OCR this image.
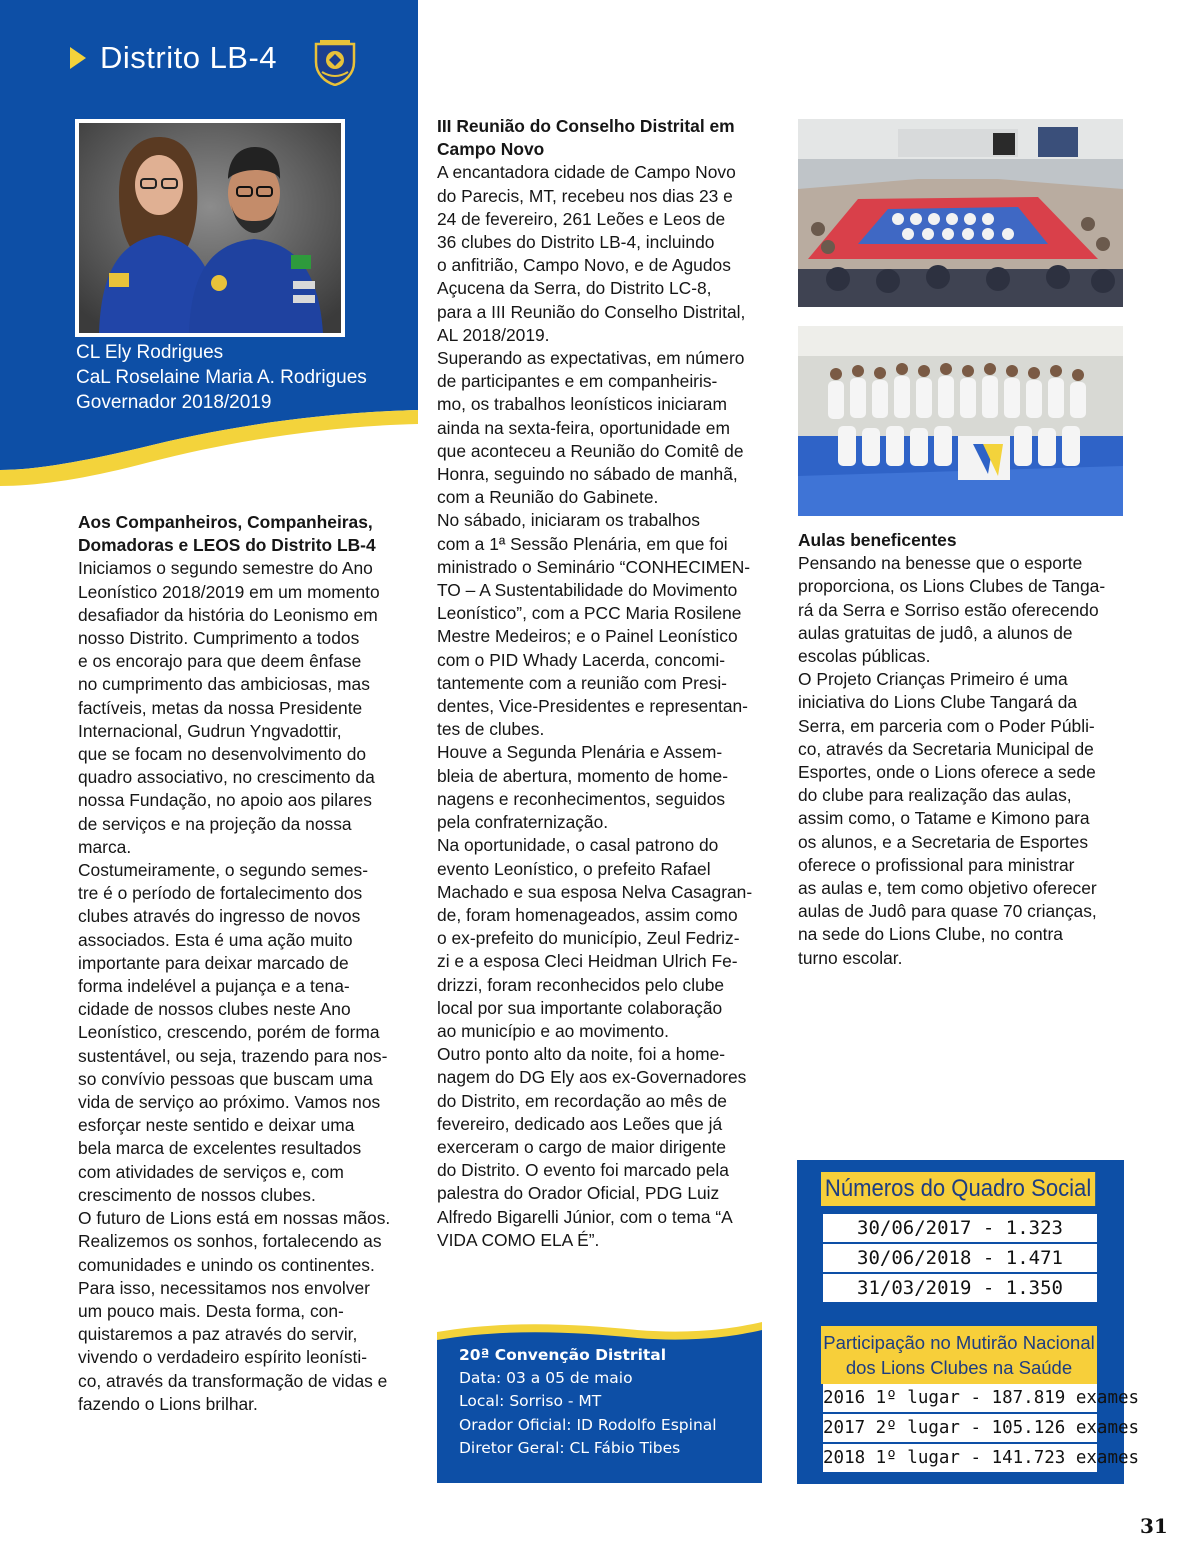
Distrito LB-4
CL Ely Rodrigues
CaL Roselaine Maria A. Rodrigues
Governador 2018/2019

Aos Companheiros, Companheiras,

Domadoras e LEOS do Distrito LB-4

Iniciamos o segundo semestre do Ano

Leonístico 2018/2019 em um momento

desafiador da história do Leonismo em

nosso Distrito. Cumprimento a todos

e os encorajo para que deem ênfase

no cumprimento das ambiciosas, mas

factíveis, metas da nossa Presidente

Internacional, Gudrun Yngvadottir,

que se focam no desenvolvimento do

quadro associativo, no crescimento da

nossa Fundação, no apoio aos pilares

de serviços e na projeção da nossa

marca.

Costumeiramente, o segundo semes-

tre é o período de fortalecimento dos

clubes através do ingresso de novos

associados. Esta é uma ação muito

importante para deixar marcado de

forma indelével a pujança e a tena-

cidade de nossos clubes neste Ano

Leonístico, crescendo, porém de forma

sustentável, ou seja, trazendo para nos-

so convívio pessoas que buscam uma

vida de serviço ao próximo. Vamos nos

esforçar neste sentido e deixar uma

bela marca de excelentes resultados

com atividades de serviços e, com

crescimento de nossos clubes.

O futuro de Lions está em nossas mãos.

Realizemos os sonhos, fortalecendo as

comunidades e unindo os continentes.

Para isso, necessitamos nos envolver

um pouco mais. Desta forma, con-

quistaremos a paz através do servir,

vivendo o verdadeiro espírito leonísti-

co, através da transformação de vidas e

fazendo o Lions brilhar.

III Reunião do Conselho Distrital em

Campo Novo

A encantadora cidade de Campo Novo

do Parecis, MT, recebeu nos dias 23 e

24 de fevereiro, 261 Leões e Leos de

36 clubes do Distrito LB-4, incluindo

o anfitrião, Campo Novo, e de Agudos

Açucena da Serra, do Distrito LC-8,

para a III Reunião do Conselho Distrital,

AL 2018/2019.

Superando as expectativas, em número

de participantes e em companheiris-

mo, os trabalhos leonísticos iniciaram

ainda na sexta-feira, oportunidade em

que aconteceu a Reunião do Comitê de

Honra, seguindo no sábado de manhã,

com a Reunião do Gabinete.

No sábado, iniciaram os trabalhos

com a 1ª Sessão Plenária, em que foi

ministrado o Seminário “CONHECIMEN-

TO – A Sustentabilidade do Movimento

Leonístico”, com a PCC Maria Rosilene

Mestre Medeiros; e o Painel Leonístico

com o PID Whady Lacerda, concomi-

tantemente com a reunião com Presi-

dentes, Vice-Presidentes e representan-

tes de clubes.

Houve a Segunda Plenária e Assem-

bleia de abertura, momento de home-

nagens e reconhecimentos, seguidos

pela confraternização.

Na oportunidade, o casal patrono do

evento Leonístico, o prefeito Rafael

Machado e sua esposa Nelva Casagran-

de, foram homenageados, assim como

o ex-prefeito do município, Zeul Fedriz-

zi e a esposa Cleci Heidman Ulrich Fe-

drizzi, foram reconhecidos pelo clube

local por sua importante colaboração

ao município e ao movimento.

Outro ponto alto da noite, foi a home-

nagem do DG Ely aos ex-Governadores

do Distrito, em recordação ao mês de

fevereiro, dedicado aos Leões que já

exerceram o cargo de maior dirigente

do Distrito. O evento foi marcado pela

palestra do Orador Oficial, PDG Luiz

Alfredo Bigarelli Júnior, com o tema “A

VIDA COMO ELA É”.

Aulas beneficentes

Pensando na benesse que o esporte

proporciona, os Lions Clubes de Tanga-

rá da Serra e Sorriso estão oferecendo

aulas gratuitas de judô, a alunos de

escolas públicas.

O Projeto Crianças Primeiro é uma

iniciativa do Lions Clube Tangará da

Serra, em parceria com o Poder Públi-

co, através da Secretaria Municipal de

Esportes, onde o Lions oferece a sede

do clube para realização das aulas,

assim como, o Tatame e Kimono para

os alunos, e a Secretaria de Esportes

oferece o profissional para ministrar

as aulas e, tem como objetivo oferecer

aulas de Judô para quase 70 crianças,

na sede do Lions Clube, no contra

turno escolar.

20ª Convenção Distrital
Data: 03 a 05 de maio
Local: Sorriso - MT
Orador Oficial: ID Rodolfo Espinal
Diretor Geral: CL Fábio Tibes
Números do Quadro Social
30/06/2017 - 1.323
30/06/2018 - 1.471
31/03/2019 - 1.350
Participação no Mutirão Nacional
dos Lions Clubes na Saúde
2016 1º lugar - 187.819 exames
2017 2º lugar - 105.126 exames
2018 1º lugar - 141.723 exames
31
